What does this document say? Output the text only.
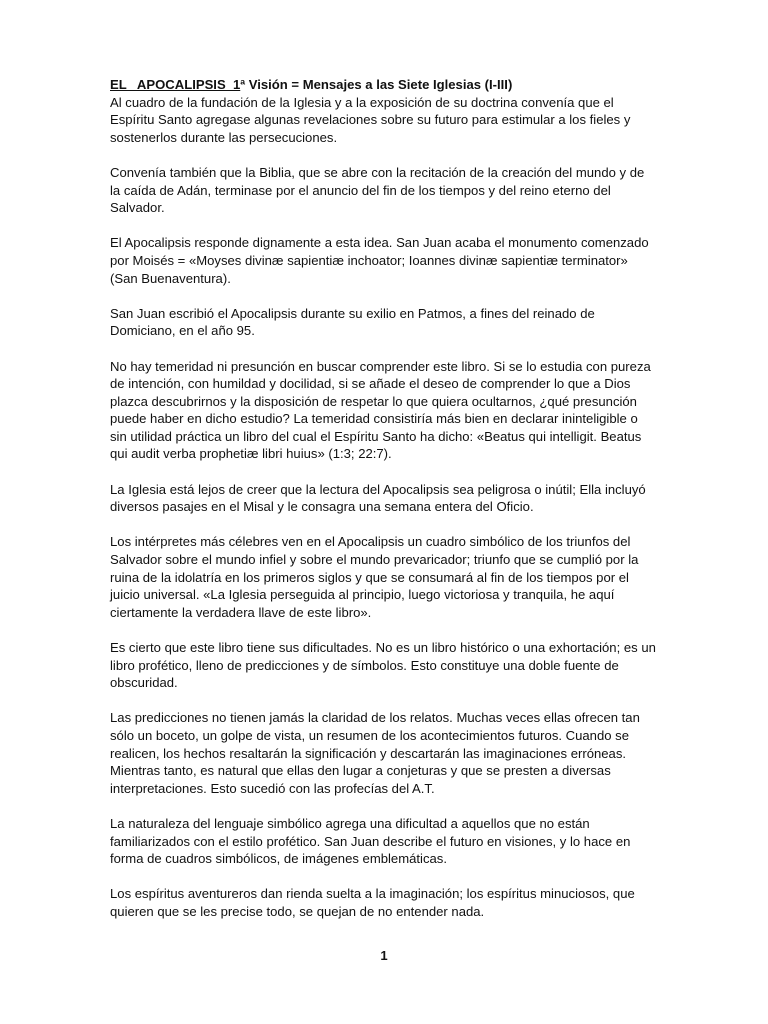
EL   APOCALIPSIS  1ª Visión = Mensajes a las Siete Iglesias (I-III)

Al cuadro de la fundación de la Iglesia y a la exposición de su doctrina convenía que el Espíritu Santo agregase algunas revelaciones sobre su futuro para estimular a los fieles y sostenerlos durante las persecuciones.

Convenía también que la Biblia, que se abre con la recitación de la creación del mundo y de la caída de Adán, terminase por el anuncio del fin de los tiempos y del reino eterno del Salvador.

El Apocalipsis responde dignamente a esta idea. San Juan acaba el monumento comenzado por Moisés = «Moyses divinæ sapientiæ inchoator; Ioannes divinæ sapientiæ terminator» (San Buenaventura).

San Juan escribió el Apocalipsis durante su exilio en Patmos, a fines del reinado de Domiciano, en el año 95.

No hay temeridad ni presunción en buscar comprender este libro. Si se lo estudia con pureza de intención, con humildad y docilidad, si se añade el deseo de comprender lo que a Dios plazca descubrirnos y la disposición de respetar lo que quiera ocultarnos, ¿qué presunción puede haber en dicho estudio? La temeridad consistiría más bien en declarar ininteligible o sin utilidad práctica un libro del cual el Espíritu Santo ha dicho: «Beatus qui intelligit. Beatus qui audit verba prophetiæ libri huius» (1:3; 22:7).

La Iglesia está lejos de creer que la lectura del Apocalipsis sea peligrosa o inútil; Ella incluyó diversos pasajes en el Misal y le consagra una semana entera del Oficio.

Los intérpretes más célebres ven en el Apocalipsis un cuadro simbólico de los triunfos del Salvador sobre el mundo infiel y sobre el mundo prevaricador; triunfo que se cumplió por la ruina de la idolatría en los primeros siglos y que se consumará al fin de los tiempos por el juicio universal. «La Iglesia perseguida al principio, luego victoriosa y tranquila, he aquí ciertamente la verdadera llave de este libro».

Es cierto que este libro tiene sus dificultades. No es un libro histórico o una exhortación; es un libro profético, lleno de predicciones y de símbolos. Esto constituye una doble fuente de obscuridad.

Las predicciones no tienen jamás la claridad de los relatos. Muchas veces ellas ofrecen tan sólo un boceto, un golpe de vista, un resumen de los acontecimientos futuros. Cuando se realicen, los hechos resaltarán la significación y descartarán las imaginaciones erróneas. Mientras tanto, es natural que ellas den lugar a conjeturas y que se presten a diversas interpretaciones. Esto sucedió con las profecías del A.T.

La naturaleza del lenguaje simbólico agrega una dificultad a aquellos que no están familiarizados con el estilo profético. San Juan describe el futuro en visiones, y lo hace en forma de cuadros simbólicos, de imágenes emblemáticas.

Los espíritus aventureros dan rienda suelta a la imaginación; los espíritus minuciosos, que quieren que se les precise todo, se quejan de no entender nada.

1
